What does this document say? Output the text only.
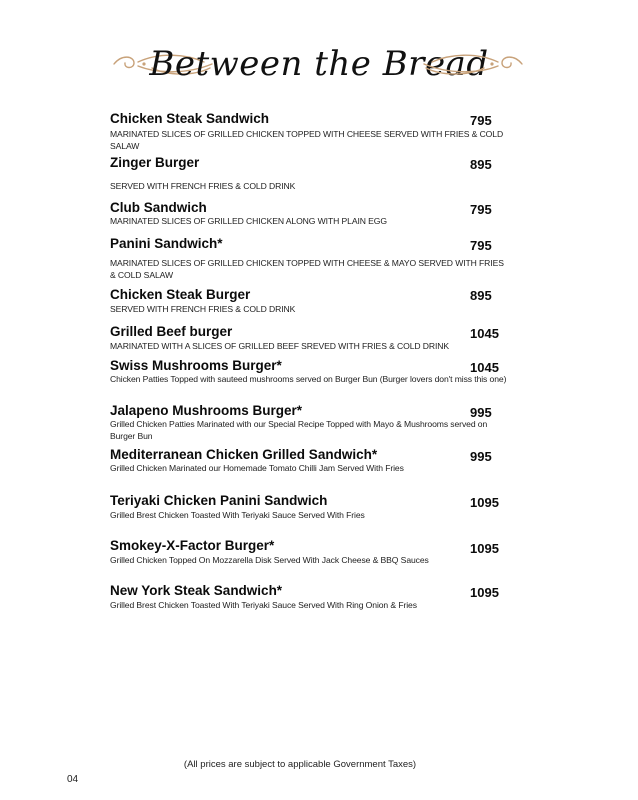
Between the Bread
Chicken Steak Sandwich
MARINATED SLICES OF GRILLED CHICKEN TOPPED WITH CHEESE SERVED WITH FRIES & COLD SALAW
795
Zinger Burger
SERVED WITH FRENCH FRIES & COLD DRINK
895
Club Sandwich
MARINATED SLICES OF GRILLED CHICKEN ALONG WITH PLAIN EGG
795
Panini Sandwich*
MARINATED SLICES OF GRILLED CHICKEN TOPPED WITH CHEESE & MAYO SERVED WITH FRIES & COLD SALAW
795
Chicken Steak Burger
SERVED WITH FRENCH FRIES & COLD DRINK
895
Grilled Beef burger
MARINATED WITH A SLICES OF GRILLED BEEF SREVED WITH FRIES & COLD DRINK
1045
Swiss Mushrooms Burger*
Chicken Patties Topped with sauteed mushrooms served on Burger Bun (Burger lovers don't miss this one)
1045
Jalapeno Mushrooms Burger*
Grilled Chicken Patties Marinated with our Special Recipe Topped with Mayo & Mushrooms served on Burger Bun
995
Mediterranean Chicken Grilled Sandwich*
Grilled Chicken Marinated our Homemade Tomato Chilli Jam Served With Fries
995
Teriyaki Chicken Panini Sandwich
Grilled Brest Chicken Toasted With Teriyaki Sauce Served With Fries
1095
Smokey-X-Factor Burger*
Grilled Chicken Topped On Mozzarella Disk Served With Jack Cheese & BBQ Sauces
1095
New York Steak Sandwich*
Grilled Brest Chicken Toasted With Teriyaki Sauce Served With Ring Onion & Fries
1095
(All prices are subject to applicable Government Taxes)
04
